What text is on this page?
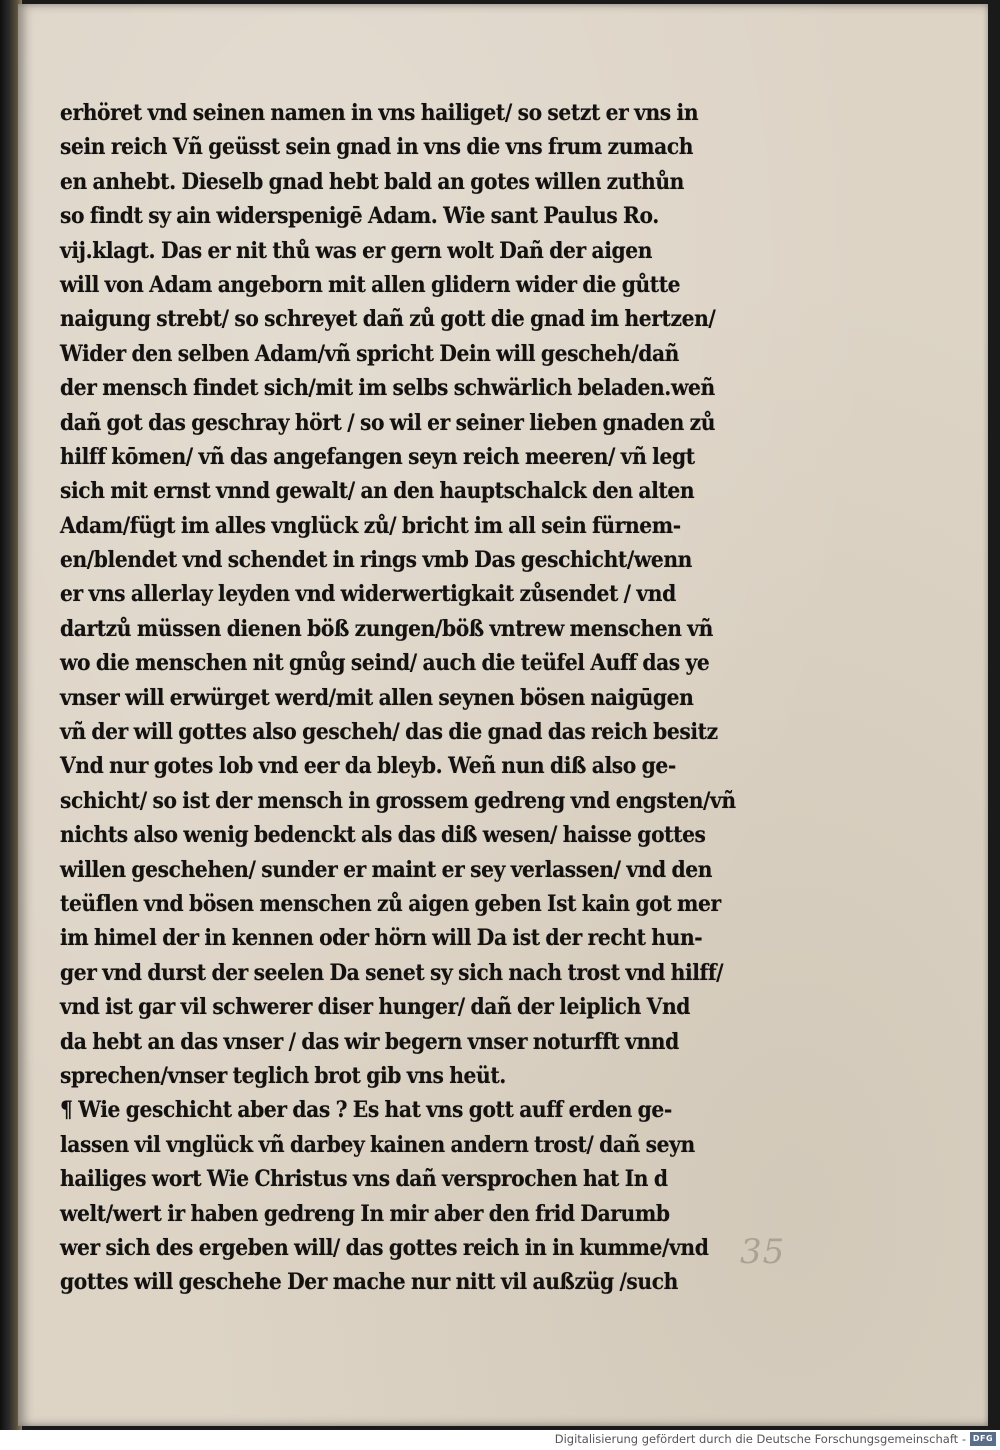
erhöret vnd seinen namen in vns hailiget/ so setzt er vns in
sein reich Vñ geüsst sein gnad in vns die vns frum zumach
en anhebt. Dieselb gnad hebt bald an gotes willen zuthůn
so findt sy ain widerspenigē Adam. Wie sant Paulus Ro.
vij.klagt. Das er nit thů was er gern wolt Dañ der aigen
will von Adam angeborn mit allen glidern wider die gůtte
naigung strebt/ so schreyet dañ zů gott die gnad im hertzen/
Wider den selben Adam/vñ spricht Dein will gescheh/dañ
der mensch findet sich/mit im selbs schwärlich beladen.weñ
dañ got das geschray hört / so wil er seiner lieben gnaden zů
hilff kōmen/ vñ das angefangen seyn reich meeren/ vñ legt
sich mit ernst vnnd gewalt/ an den hauptschalck den alten
Adam/fügt im alles vnglück zů/ bricht im all sein fürnem-
en/blendet vnd schendet in rings vmb Das geschicht/wenn
er vns allerlay leyden vnd widerwertigkait zůsendet / vnd
dartzů müssen dienen böß zungen/böß vntrew menschen vñ
wo die menschen nit gnůg seind/ auch die teüfel Auff das ye
vnser will erwürget werd/mit allen seynen bösen naigūgen
vñ der will gottes also gescheh/ das die gnad das reich besitz
Vnd nur gotes lob vnd eer da bleyb. Weñ nun diß also ge-
schicht/ so ist der mensch in grossem gedreng vnd engsten/vñ
nichts also wenig bedenckt als das diß wesen/ haisse gottes
willen geschehen/ sunder er maint er sey verlassen/ vnd den
teüflen vnd bösen menschen zů aigen geben Ist kain got mer
im himel der in kennen oder hörn will Da ist der recht hun-
ger vnd durst der seelen Da senet sy sich nach trost vnd hilff/
vnd ist gar vil schwerer diser hunger/ dañ der leiplich Vnd
da hebt an das vnser / das wir begern vnser noturfft vnnd
sprechen/vnser teglich brot gib vns heüt.
¶ Wie geschicht aber das ? Es hat vns gott auff erden ge-
lassen vil vnglück vñ darbey kainen andern trost/ dañ seyn
hailiges wort Wie Christus vns dañ versprochen hat In d
welt/wert ir haben gedreng In mir aber den frid Darumb
wer sich des ergeben will/ das gottes reich in in kumme/vnd
gottes will geschehe Der mache nur nitt vil außzüg /such
35
Digitalisierung gefördert durch die Deutsche Forschungsgemeinschaft - DFG
